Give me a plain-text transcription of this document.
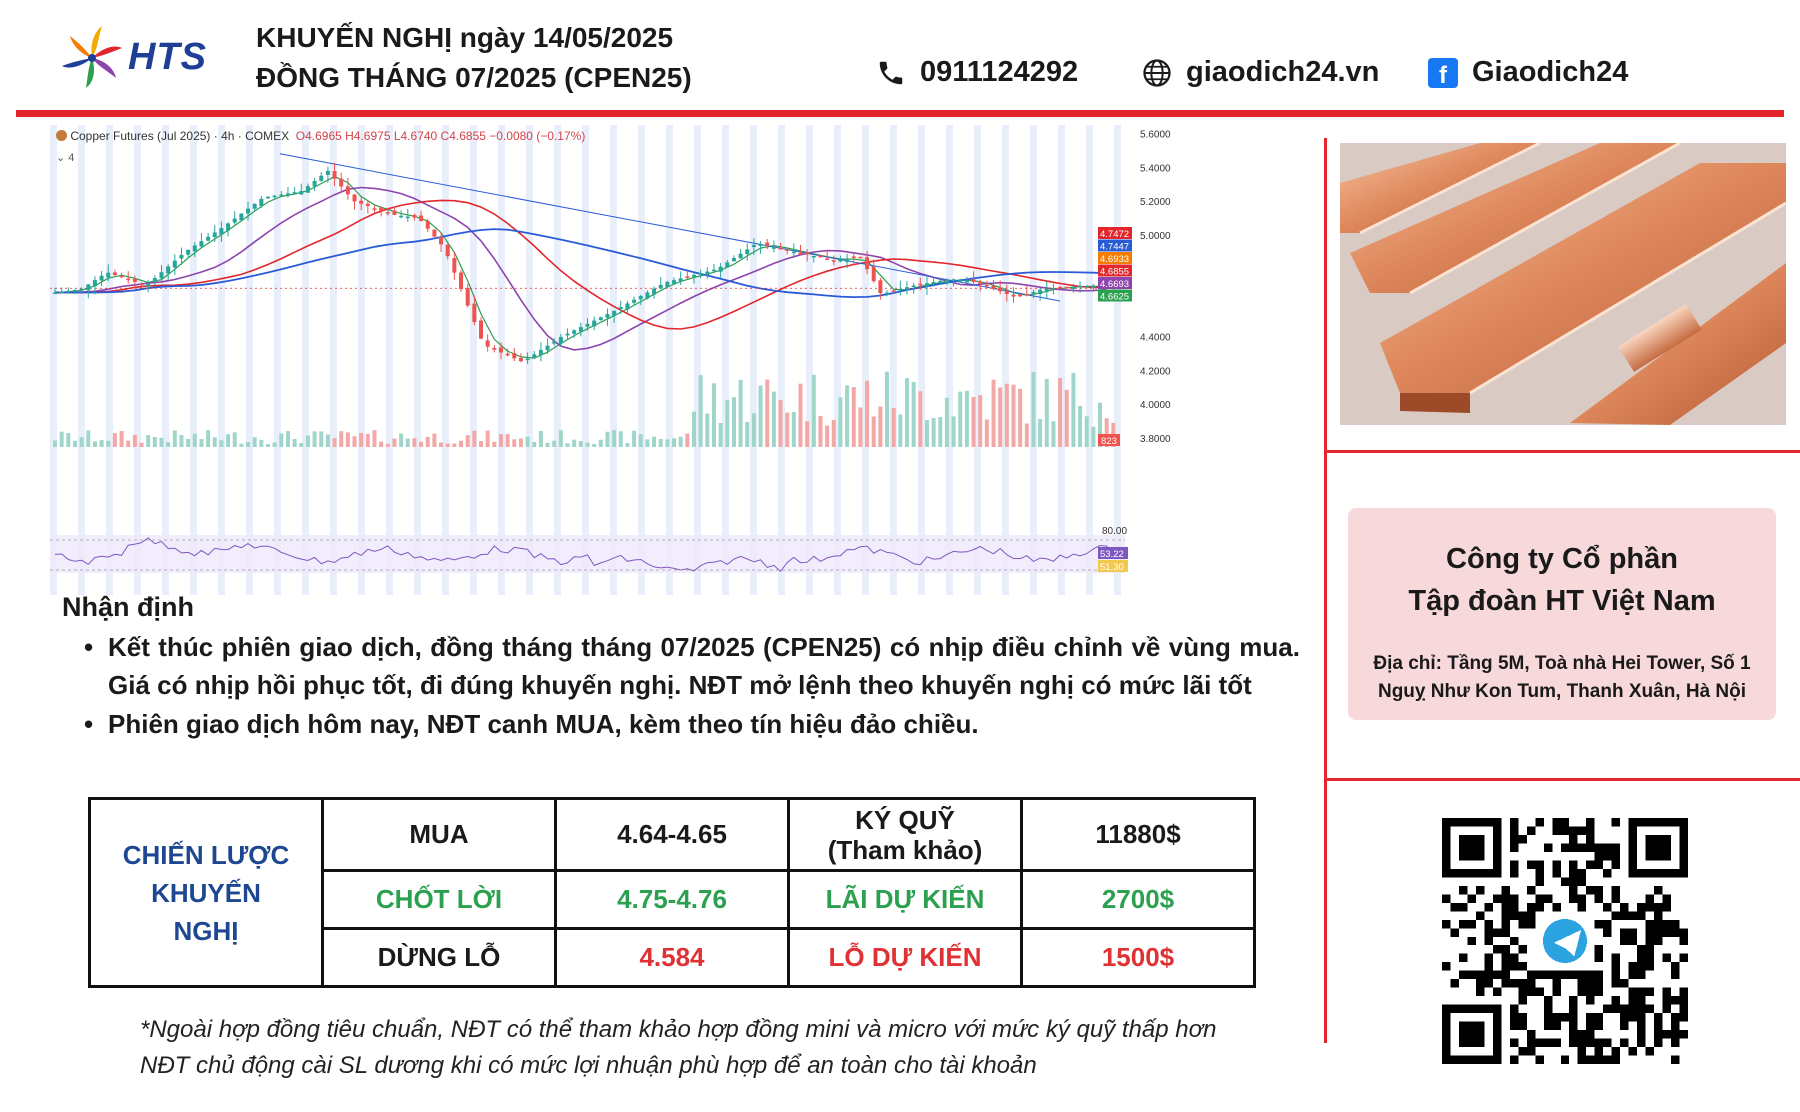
HTS KHUYẾN NGHỊ ngày 14/05/2025
ĐỒNG THÁNG 07/2025 (CPEN25)	0911124292	giaodich24.vn	f Giaodich24
5.6000
5.4000
5.2000
5.0000
4.4000
4.2000
4.0000
3.8000
4.7472
4.7447
4.6933
4.6855
4.6693
4.6625
823
80.00
53.22
51.30
Copper Futures (Jul 2025) · 4h · COMEX O4.6965 H4.6975 L4.6740 C4.6855 −0.0080 (−0.17%)
⌄ 4
Công ty Cổ phần
Tập đoàn HT Việt Nam
Địa chỉ: Tầng 5M, Toà nhà Hei Tower, Số 1
Nguỵ Như Kon Tum, Thanh Xuân, Hà Nội
Nhận định
• Kết thúc phiên giao dịch, đồng tháng tháng 07/2025 (CPEN25) có nhịp điều chỉnh về vùng mua. Giá có nhịp hồi phục tốt, đi đúng khuyến nghị. NĐT mở lệnh theo khuyến nghị có mức lãi tốt
• Phiên giao dịch hôm nay, NĐT canh MUA, kèm theo tín hiệu đảo chiều.
CHIẾN LƯỢC KHUYẾN NGHỊ	MUA	4.64-4.65	KÝ QUỸ (Tham khảo)	11880$
	CHỐT LỜI	4.75-4.76	LÃI DỰ KIẾN	2700$
	DỪNG LỖ	4.584	LỖ DỰ KIẾN	1500$
*Ngoài hợp đồng tiêu chuẩn, NĐT có thể tham khảo hợp đồng mini và micro với mức ký quỹ thấp hơn
NĐT chủ động cài SL dương khi có mức lợi nhuận phù hợp để an toàn cho tài khoản
